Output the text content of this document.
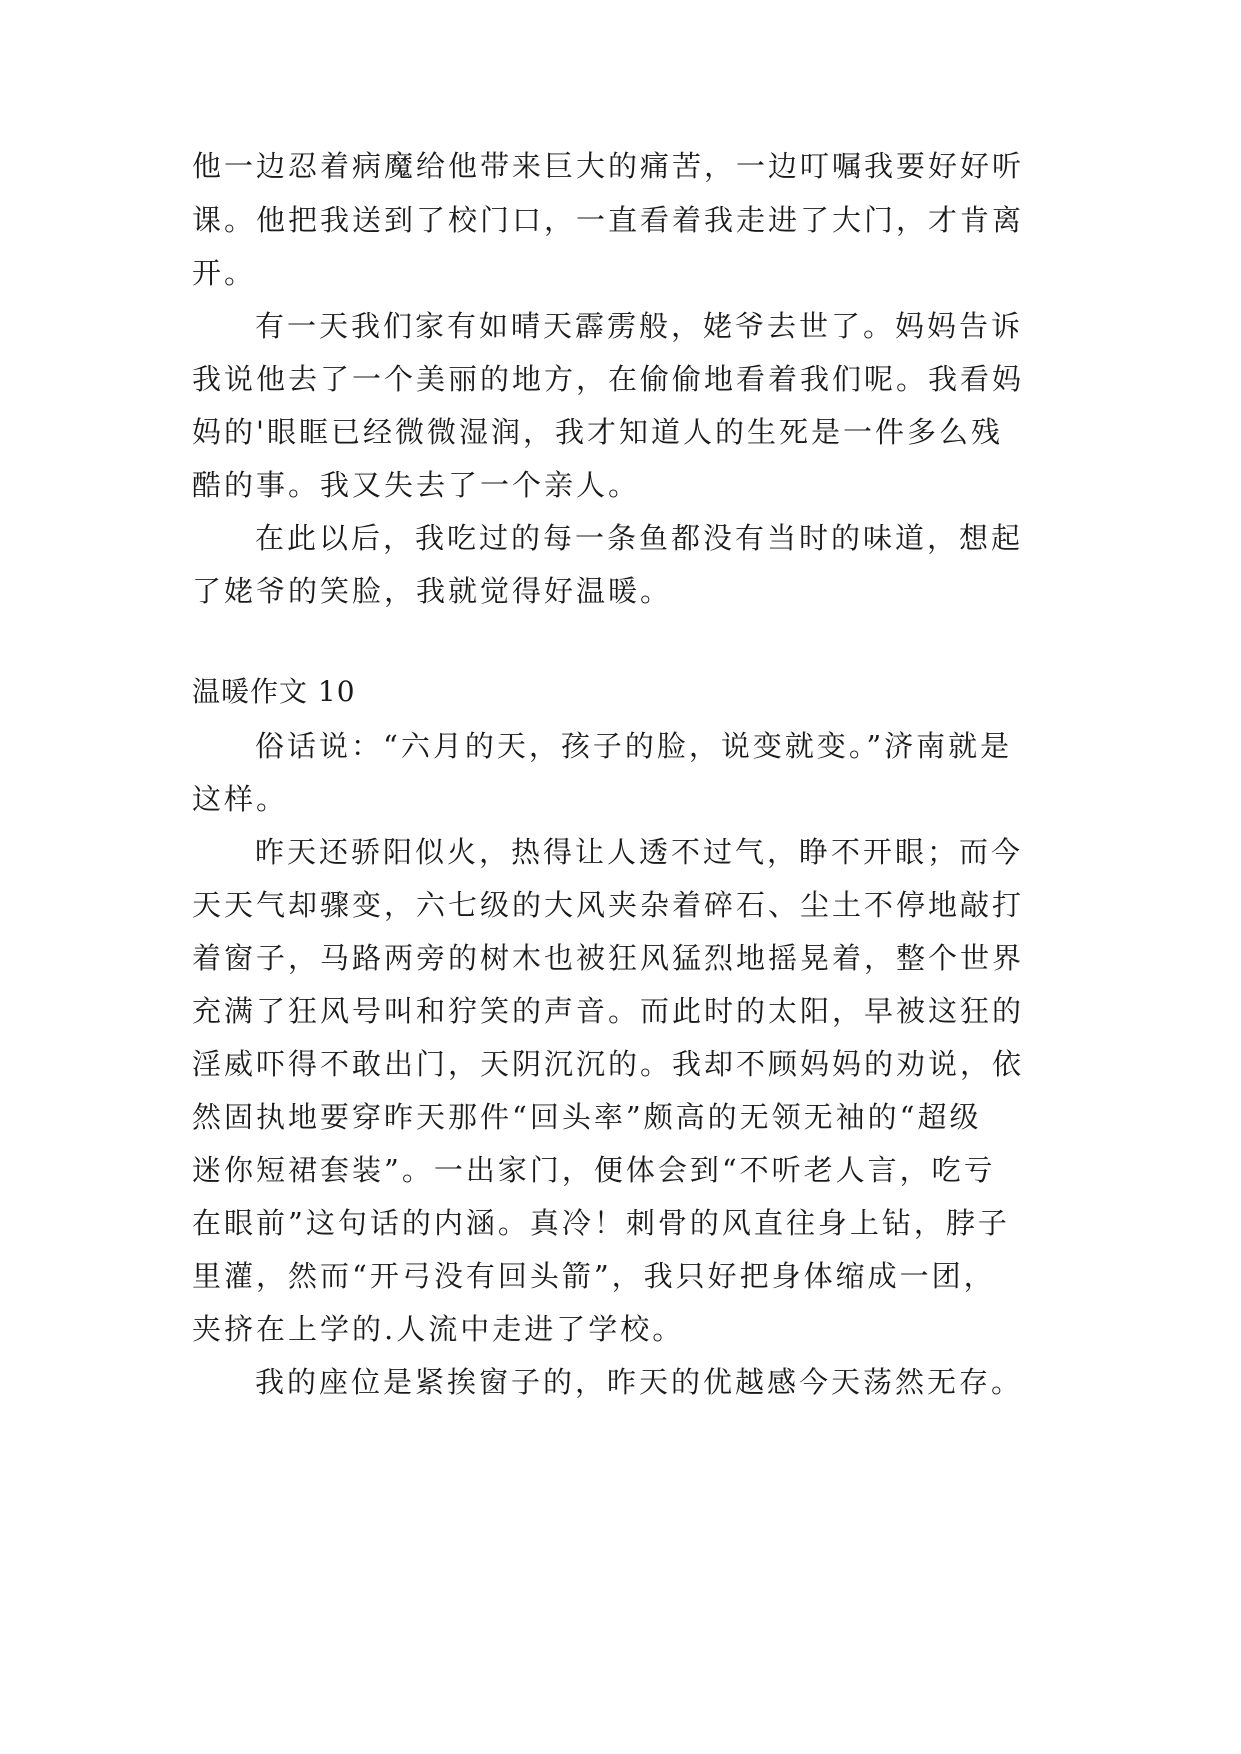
他一边忍着病魔给他带来巨大的痛苦，一边叮嘱我要好好听
课。他把我送到了校门口，一直看着我走进了大门，才肯离
开。
有一天我们家有如晴天霹雳般，姥爷去世了。妈妈告诉
我说他去了一个美丽的地方，在偷偷地看着我们呢。我看妈
妈的'眼眶已经微微湿润，我才知道人的生死是一件多么残
酷的事。我又失去了一个亲人。
在此以后，我吃过的每一条鱼都没有当时的味道，想起
了姥爷的笑脸，我就觉得好温暖。
温暖作文 10
俗话说：“六月的天，孩子的脸，说变就变。”济南就是
这样。
昨天还骄阳似火，热得让人透不过气，睁不开眼；而今
天天气却骤变，六七级的大风夹杂着碎石、尘土不停地敲打
着窗子，马路两旁的树木也被狂风猛烈地摇晃着，整个世界
充满了狂风号叫和狞笑的声音。而此时的太阳，早被这狂的
淫威吓得不敢出门，天阴沉沉的。我却不顾妈妈的劝说，依
然固执地要穿昨天那件“回头率”颇高的无领无袖的“超级
迷你短裙套装”。一出家门，便体会到“不听老人言，吃亏
在眼前”这句话的内涵。真冷！刺骨的风直往身上钻，脖子
里灌，然而“开弓没有回头箭”，我只好把身体缩成一团，
夹挤在上学的.人流中走进了学校。
我的座位是紧挨窗子的，昨天的优越感今天荡然无存。
